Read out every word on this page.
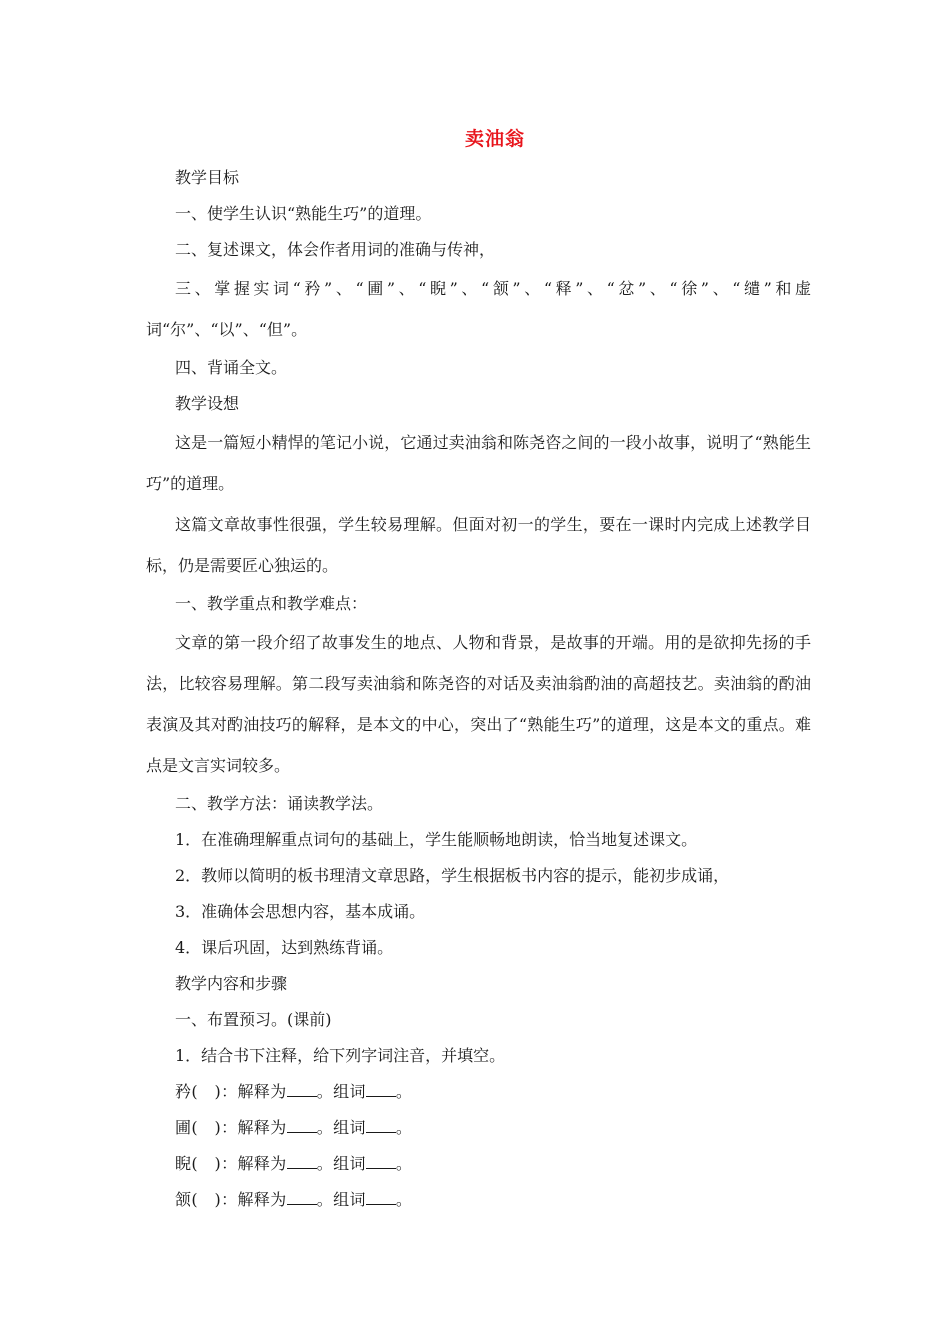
卖油翁

教学目标

一、使学生认识“熟能生巧”的道理。

二、复述课文，体会作者用词的准确与传神，

三、掌握实词“矜”、“圃”、“睨”、“颔”、“释”、“忿”、“徐”、“缱”和虚词“尔”、“以”、“但”。

四、背诵全文。

教学设想

这是一篇短小精悍的笔记小说，它通过卖油翁和陈尧咨之间的一段小故事，说明了“熟能生巧”的道理。

这篇文章故事性很强，学生较易理解。但面对初一的学生，要在一课时内完成上述教学目标，仍是需要匠心独运的。

一、教学重点和教学难点：

文章的第一段介绍了故事发生的地点、人物和背景，是故事的开端。用的是欲抑先扬的手法，比较容易理解。第二段写卖油翁和陈尧咨的对话及卖油翁酌油的高超技艺。卖油翁的酌油表演及其对酌油技巧的解释，是本文的中心，突出了“熟能生巧”的道理，这是本文的重点。难点是文言实词较多。

二、教学方法：诵读教学法。

1．在准确理解重点词句的基础上，学生能顺畅地朗读，恰当地复述课文。

2．教师以简明的板书理清文章思路，学生根据板书内容的提示，能初步成诵，

3．准确体会思想内容，基本成诵。

4．课后巩固，达到熟练背诵。

教学内容和步骤

一、布置预习。(课前)

1．结合书下注释，给下列字词注音，并填空。

矜(　)：解释为 。组词 。

圃(　)：解释为 。组词 。

睨(　)：解释为 。组词 。

颔(　)：解释为 。组词 。
